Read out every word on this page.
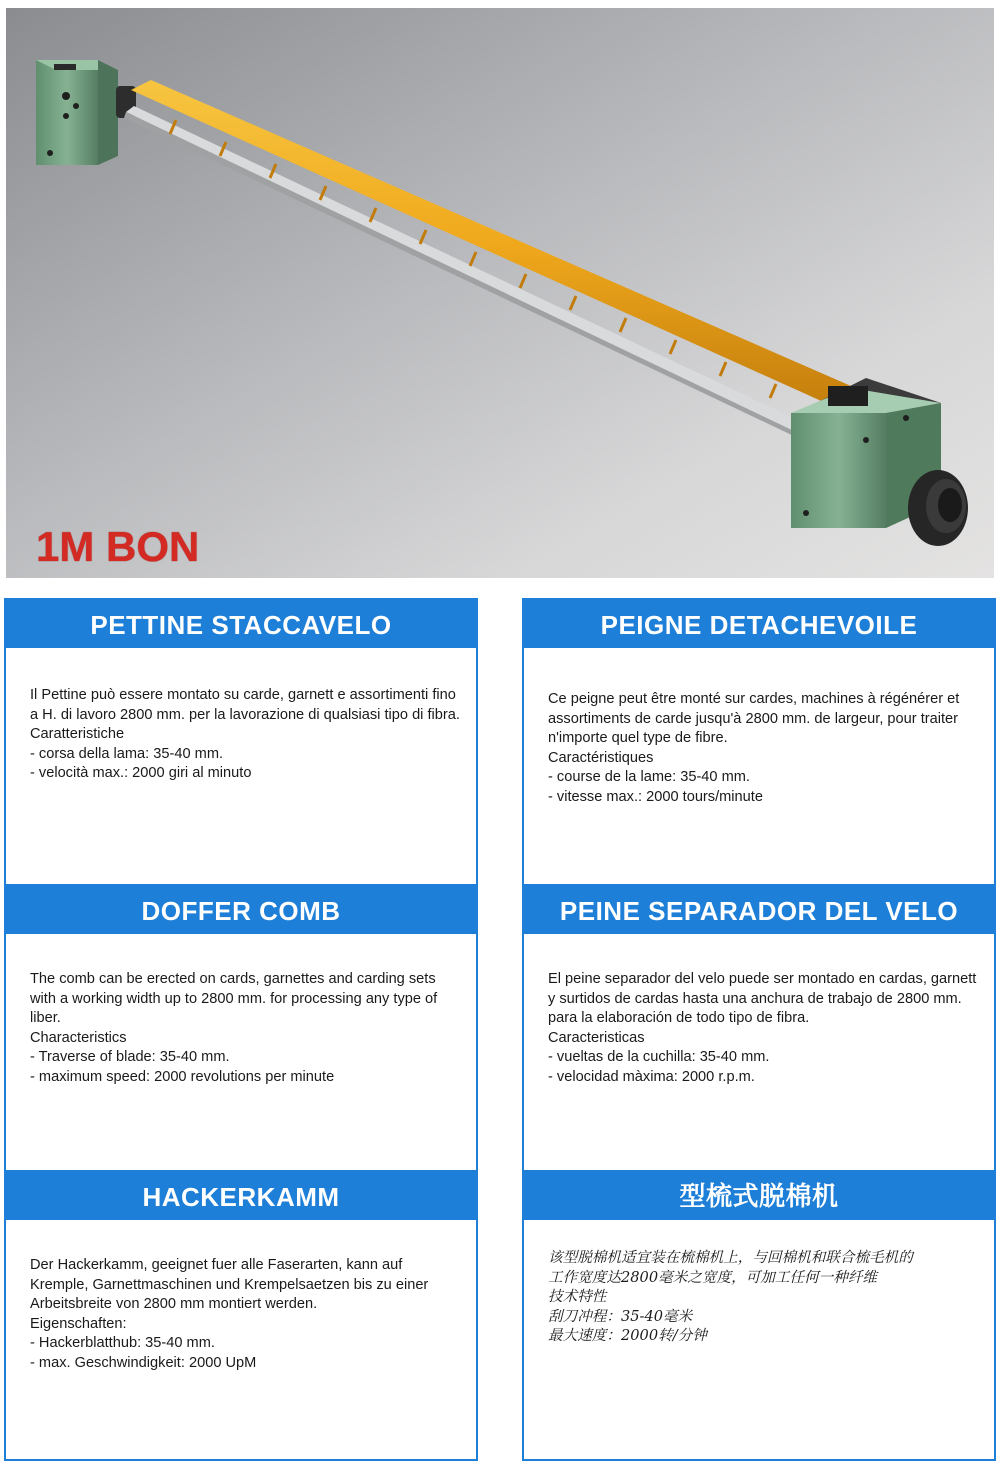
1M BON
PETTINE STACCAVELO

Il Pettine può essere montato su carde, garnett e assortimenti fino a H. di lavoro 2800 mm. per la lavorazione di qualsiasi tipo di fibra.

Caratteristiche

- corsa della lama: 35-40 mm.
- velocità max.: 2000 giri al minuto
PEIGNE DETACHEVOILE

Ce peigne peut être monté sur cardes, machines à régénérer et assortiments de carde jusqu'à 2800 mm. de largeur, pour traiter n'importe quel type de fibre.

Caractéristiques

- course de la lame: 35-40 mm.
- vitesse max.: 2000 tours/minute
DOFFER COMB

The comb can be erected on cards, garnettes and carding sets with a working width up to 2800 mm. for processing any type of liber.

Characteristics

- Traverse of blade: 35-40 mm.
- maximum speed: 2000 revolutions per minute
PEINE SEPARADOR DEL VELO

El peine separador del velo puede ser montado en cardas, garnett y surtidos de cardas hasta una anchura de trabajo de 2800 mm. para la elaboración de todo tipo de fibra.

Caracteristicas

- vueltas de la cuchilla: 35-40 mm.
- velocidad màxima: 2000 r.p.m.
HACKERKAMM

Der Hackerkamm, geeignet fuer alle Faserarten, kann auf Kremple, Garnettmaschinen und Krempelsaetzen bis zu einer Arbeitsbreite von 2800 mm montiert werden.

Eigenschaften:

- Hackerblatthub: 35-40 mm.
- max. Geschwindigkeit: 2000 UpM
型梳式脱棉机

该型脱棉机适宜装在梳棉机上，与回棉机和联合梳毛机的

工作宽度达2800毫米之宽度，可加工任何一种纤维

技术特性

刮刀冲程：35-40毫米

最大速度：2000转/分钟
